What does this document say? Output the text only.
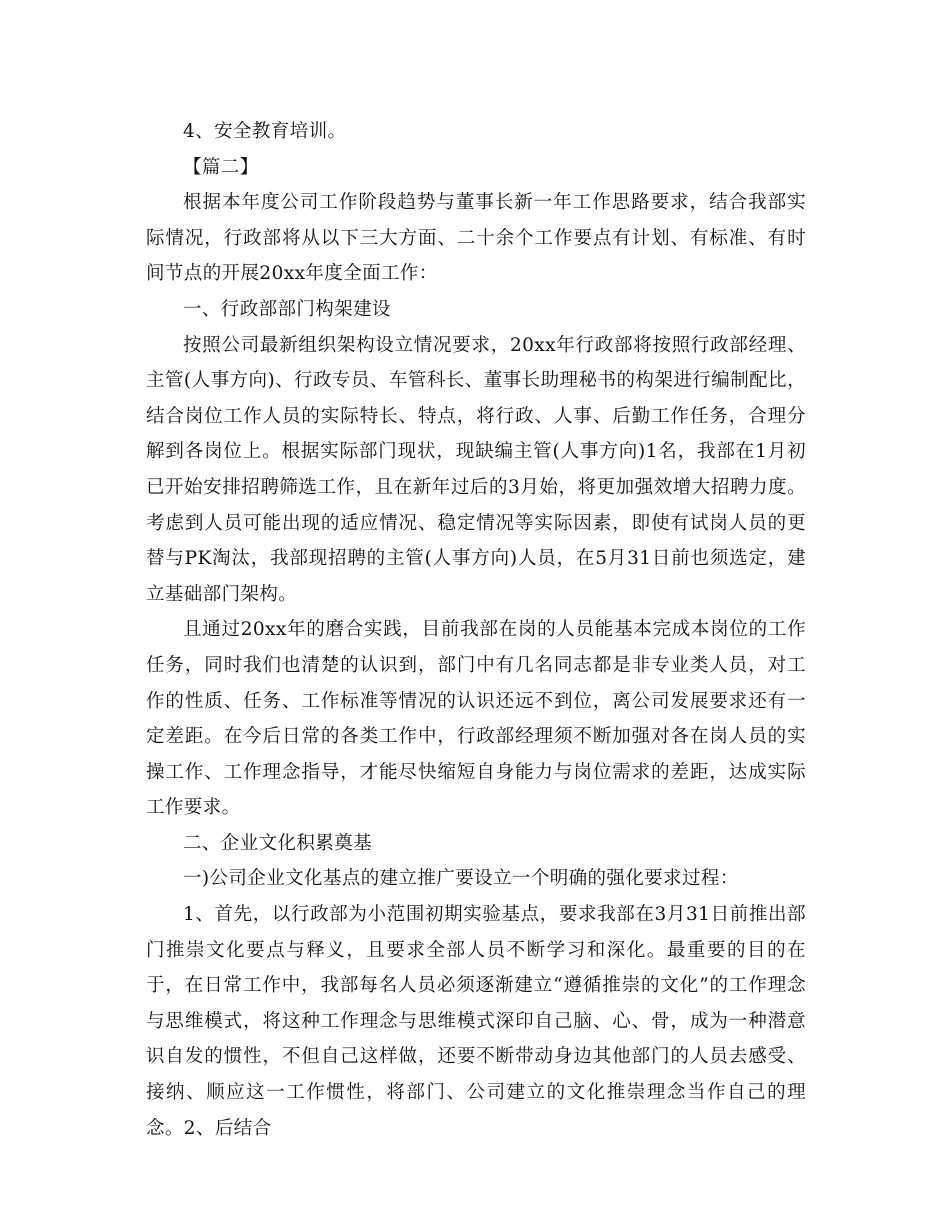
4、安全教育培训。

【篇二】

根据本年度公司工作阶段趋势与董事长新一年工作思路要求，结合我部实际情况，行政部将从以下三大方面、二十余个工作要点有计划、有标准、有时间节点的开展20xx年度全面工作：

一、行政部部门构架建设

按照公司最新组织架构设立情况要求，20xx年行政部将按照行政部经理、主管(人事方向)、行政专员、车管科长、董事长助理秘书的构架进行编制配比，结合岗位工作人员的实际特长、特点，将行政、人事、后勤工作任务，合理分解到各岗位上。根据实际部门现状，现缺编主管(人事方向)1名，我部在1月初已开始安排招聘筛选工作，且在新年过后的3月始，将更加强效增大招聘力度。考虑到人员可能出现的适应情况、稳定情况等实际因素，即使有试岗人员的更替与PK淘汰，我部现招聘的主管(人事方向)人员，在5月31日前也须选定，建立基础部门架构。

且通过20xx年的磨合实践，目前我部在岗的人员能基本完成本岗位的工作任务，同时我们也清楚的认识到，部门中有几名同志都是非专业类人员，对工作的性质、任务、工作标准等情况的认识还远不到位，离公司发展要求还有一定差距。在今后日常的各类工作中，行政部经理须不断加强对各在岗人员的实操工作、工作理念指导，才能尽快缩短自身能力与岗位需求的差距，达成实际工作要求。

二、企业文化积累奠基

一)公司企业文化基点的建立推广要设立一个明确的强化要求过程：

1、首先，以行政部为小范围初期实验基点，要求我部在3月31日前推出部门推崇文化要点与释义，且要求全部人员不断学习和深化。最重要的目的在于，在日常工作中，我部每名人员必须逐渐建立“遵循推崇的文化”的工作理念与思维模式，将这种工作理念与思维模式深印自己脑、心、骨，成为一种潜意识自发的惯性，不但自己这样做，还要不断带动身边其他部门的人员去感受、接纳、顺应这一工作惯性，将部门、公司建立的文化推崇理念当作自己的理念。2、后结合
